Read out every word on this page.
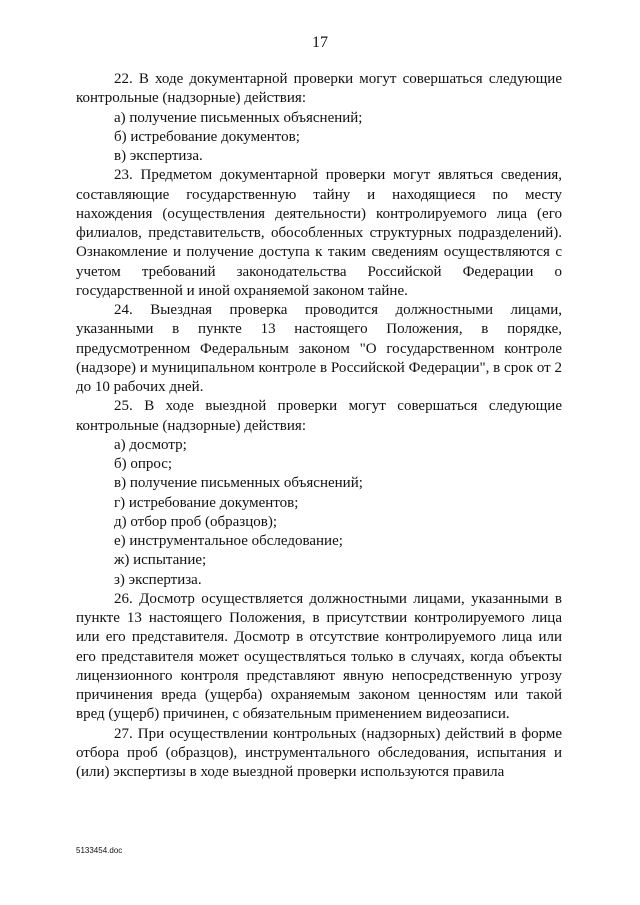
17

22. В ходе документарной проверки могут совершаться следующие контрольные (надзорные) действия:

а) получение письменных объяснений;

б) истребование документов;

в) экспертиза.

23. Предметом документарной проверки могут являться сведения, составляющие государственную тайну и находящиеся по месту нахождения (осуществления деятельности) контролируемого лица (его филиалов, представительств, обособленных структурных подразделений). Ознакомление и получение доступа к таким сведениям осуществляются с учетом требований законодательства Российской Федерации о государственной и иной охраняемой законом тайне.

24. Выездная проверка проводится должностными лицами, указанными в пункте 13 настоящего Положения, в порядке, предусмотренном Федеральным законом "О государственном контроле (надзоре) и муниципальном контроле в Российской Федерации", в срок от 2 до 10 рабочих дней.

25. В ходе выездной проверки могут совершаться следующие контрольные (надзорные) действия:

а) досмотр;

б) опрос;

в) получение письменных объяснений;

г) истребование документов;

д) отбор проб (образцов);

е) инструментальное обследование;

ж) испытание;

з) экспертиза.

26. Досмотр осуществляется должностными лицами, указанными в пункте 13 настоящего Положения, в присутствии контролируемого лица или его представителя. Досмотр в отсутствие контролируемого лица или его представителя может осуществляться только в случаях, когда объекты лицензионного контроля представляют явную непосредственную угрозу причинения вреда (ущерба) охраняемым законом ценностям или такой вред (ущерб) причинен, с обязательным применением видеозаписи.

27. При осуществлении контрольных (надзорных) действий в форме отбора проб (образцов), инструментального обследования, испытания и (или) экспертизы в ходе выездной проверки используются правила

5133454.doc
